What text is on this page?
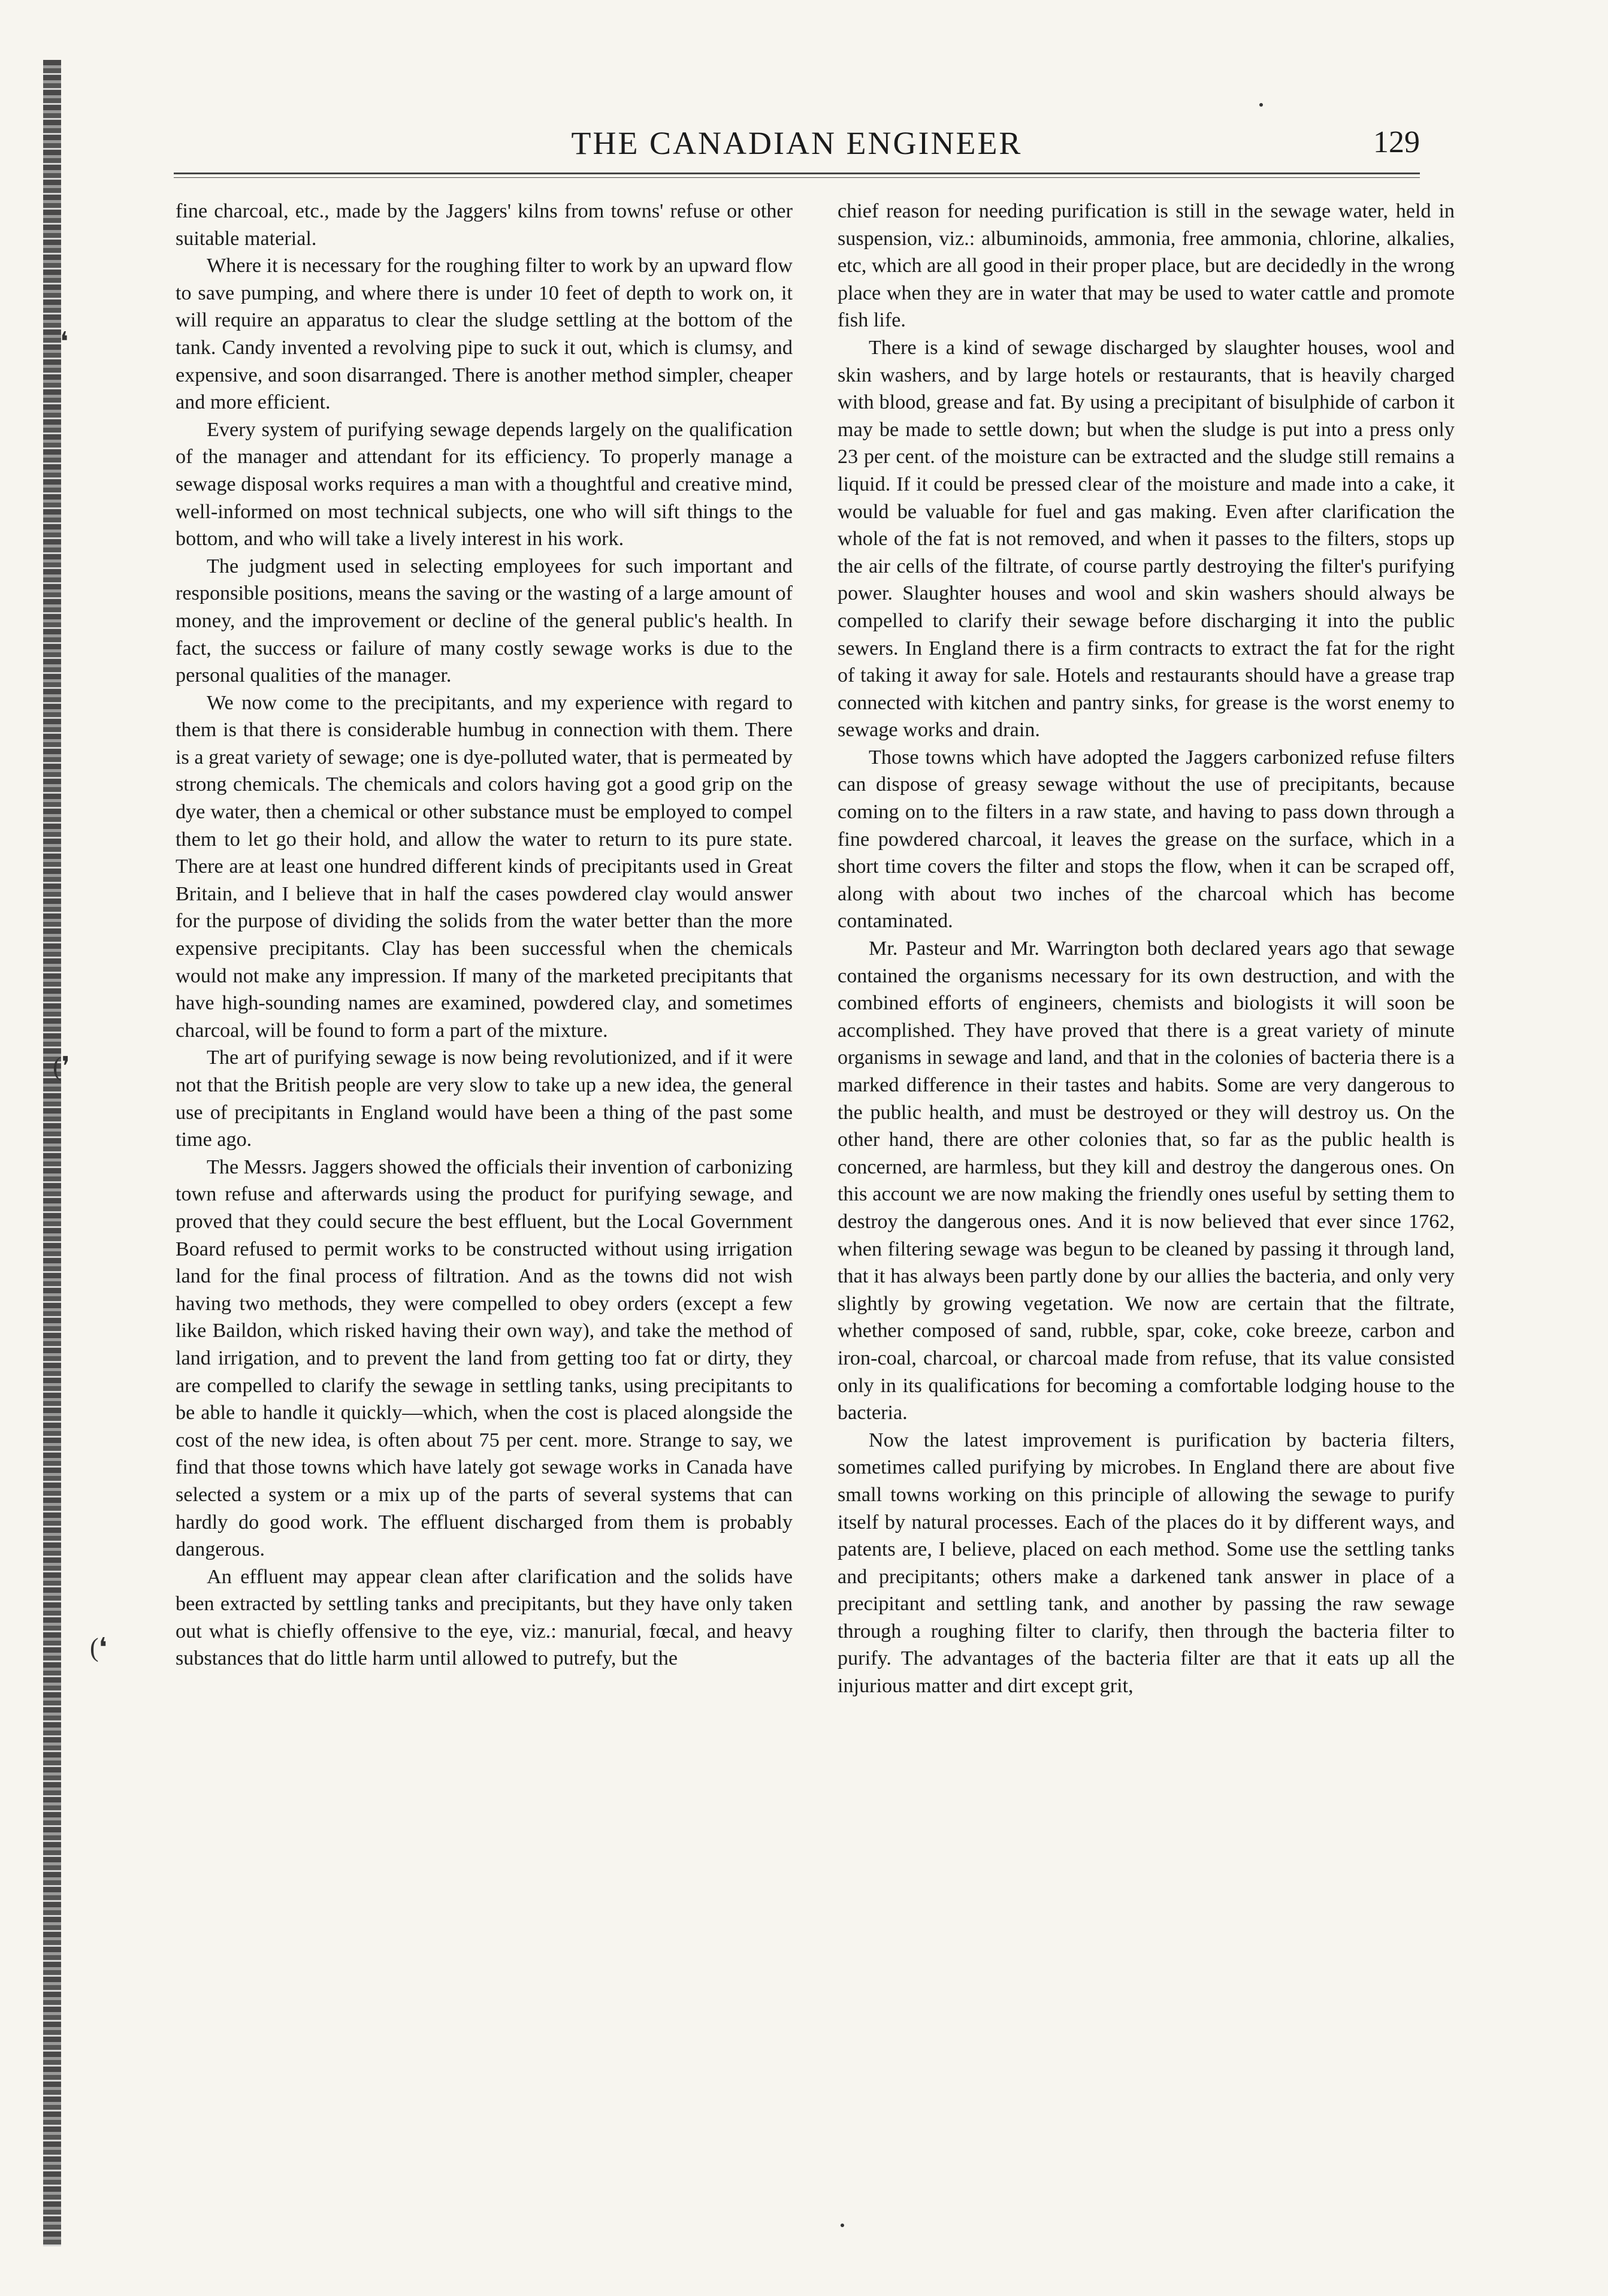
❛
(❜
(❛
THE CANADIAN ENGINEER	129

fine charcoal, etc., made by the Jaggers' kilns from towns' refuse or other suitable material.

Where it is necessary for the roughing filter to work by an upward flow to save pumping, and where there is under 10 feet of depth to work on, it will require an apparatus to clear the sludge settling at the bottom of the tank. Candy invented a revolving pipe to suck it out, which is clumsy, and expensive, and soon disarranged. There is another method simpler, cheaper and more efficient.

Every system of purifying sewage depends largely on the qualification of the manager and attendant for its efficiency. To properly manage a sewage disposal works requires a man with a thoughtful and creative mind, well-informed on most technical subjects, one who will sift things to the bottom, and who will take a lively interest in his work.

The judgment used in selecting employees for such important and responsible positions, means the saving or the wasting of a large amount of money, and the improvement or decline of the general public's health. In fact, the success or failure of many costly sewage works is due to the personal qualities of the manager.

We now come to the precipitants, and my experience with regard to them is that there is considerable humbug in connection with them. There is a great variety of sewage; one is dye-polluted water, that is permeated by strong chemicals. The chemicals and colors having got a good grip on the dye water, then a chemical or other substance must be employed to compel them to let go their hold, and allow the water to return to its pure state. There are at least one hundred different kinds of precipitants used in Great Britain, and I believe that in half the cases powdered clay would answer for the purpose of dividing the solids from the water better than the more expensive precipitants. Clay has been successful when the chemicals would not make any impression. If many of the marketed precipitants that have high-sounding names are examined, powdered clay, and sometimes charcoal, will be found to form a part of the mixture.

The art of purifying sewage is now being revolutionized, and if it were not that the British people are very slow to take up a new idea, the general use of precipitants in England would have been a thing of the past some time ago.

The Messrs. Jaggers showed the officials their invention of carbonizing town refuse and afterwards using the product for purifying sewage, and proved that they could secure the best effluent, but the Local Government Board refused to permit works to be constructed without using irrigation land for the final process of filtration. And as the towns did not wish having two methods, they were compelled to obey orders (except a few like Baildon, which risked having their own way), and take the method of land irrigation, and to prevent the land from getting too fat or dirty, they are compelled to clarify the sewage in settling tanks, using precipitants to be able to handle it quickly—which, when the cost is placed alongside the cost of the new idea, is often about 75 per cent. more. Strange to say, we find that those towns which have lately got sewage works in Canada have selected a system or a mix up of the parts of several systems that can hardly do good work. The effluent discharged from them is probably dangerous.

An effluent may appear clean after clarification and the solids have been extracted by settling tanks and precipitants, but they have only taken out what is chiefly offensive to the eye, viz.: manurial, fœcal, and heavy substances that do little harm until allowed to putrefy, but the

chief reason for needing purification is still in the sewage water, held in suspension, viz.: albuminoids, ammonia, free ammonia, chlorine, alkalies, etc, which are all good in their proper place, but are decidedly in the wrong place when they are in water that may be used to water cattle and promote fish life.

There is a kind of sewage discharged by slaughter houses, wool and skin washers, and by large hotels or restaurants, that is heavily charged with blood, grease and fat. By using a precipitant of bisulphide of carbon it may be made to settle down; but when the sludge is put into a press only 23 per cent. of the moisture can be extracted and the sludge still remains a liquid. If it could be pressed clear of the moisture and made into a cake, it would be valuable for fuel and gas making. Even after clarification the whole of the fat is not removed, and when it passes to the filters, stops up the air cells of the filtrate, of course partly destroying the filter's purifying power. Slaughter houses and wool and skin washers should always be compelled to clarify their sewage before discharging it into the public sewers. In England there is a firm contracts to extract the fat for the right of taking it away for sale. Hotels and restaurants should have a grease trap connected with kitchen and pantry sinks, for grease is the worst enemy to sewage works and drain.

Those towns which have adopted the Jaggers carbonized refuse filters can dispose of greasy sewage without the use of precipitants, because coming on to the filters in a raw state, and having to pass down through a fine powdered charcoal, it leaves the grease on the surface, which in a short time covers the filter and stops the flow, when it can be scraped off, along with about two inches of the charcoal which has become contaminated.

Mr. Pasteur and Mr. Warrington both declared years ago that sewage contained the organisms necessary for its own destruction, and with the combined efforts of engineers, chemists and biologists it will soon be accomplished. They have proved that there is a great variety of minute organisms in sewage and land, and that in the colonies of bacteria there is a marked difference in their tastes and habits. Some are very dangerous to the public health, and must be destroyed or they will destroy us. On the other hand, there are other colonies that, so far as the public health is concerned, are harmless, but they kill and destroy the dangerous ones. On this account we are now making the friendly ones useful by setting them to destroy the dangerous ones. And it is now believed that ever since 1762, when filtering sewage was begun to be cleaned by passing it through land, that it has always been partly done by our allies the bacteria, and only very slightly by growing vegetation. We now are certain that the filtrate, whether composed of sand, rubble, spar, coke, coke breeze, carbon and iron-coal, charcoal, or charcoal made from refuse, that its value consisted only in its qualifications for becoming a comfortable lodging house to the bacteria.

Now the latest improvement is purification by bacteria filters, sometimes called purifying by microbes. In England there are about five small towns working on this principle of allowing the sewage to purify itself by natural processes. Each of the places do it by different ways, and patents are, I believe, placed on each method. Some use the settling tanks and precipitants; others make a darkened tank answer in place of a precipitant and settling tank, and another by passing the raw sewage through a roughing filter to clarify, then through the bacteria filter to purify. The advantages of the bacteria filter are that it eats up all the injurious matter and dirt except grit,
